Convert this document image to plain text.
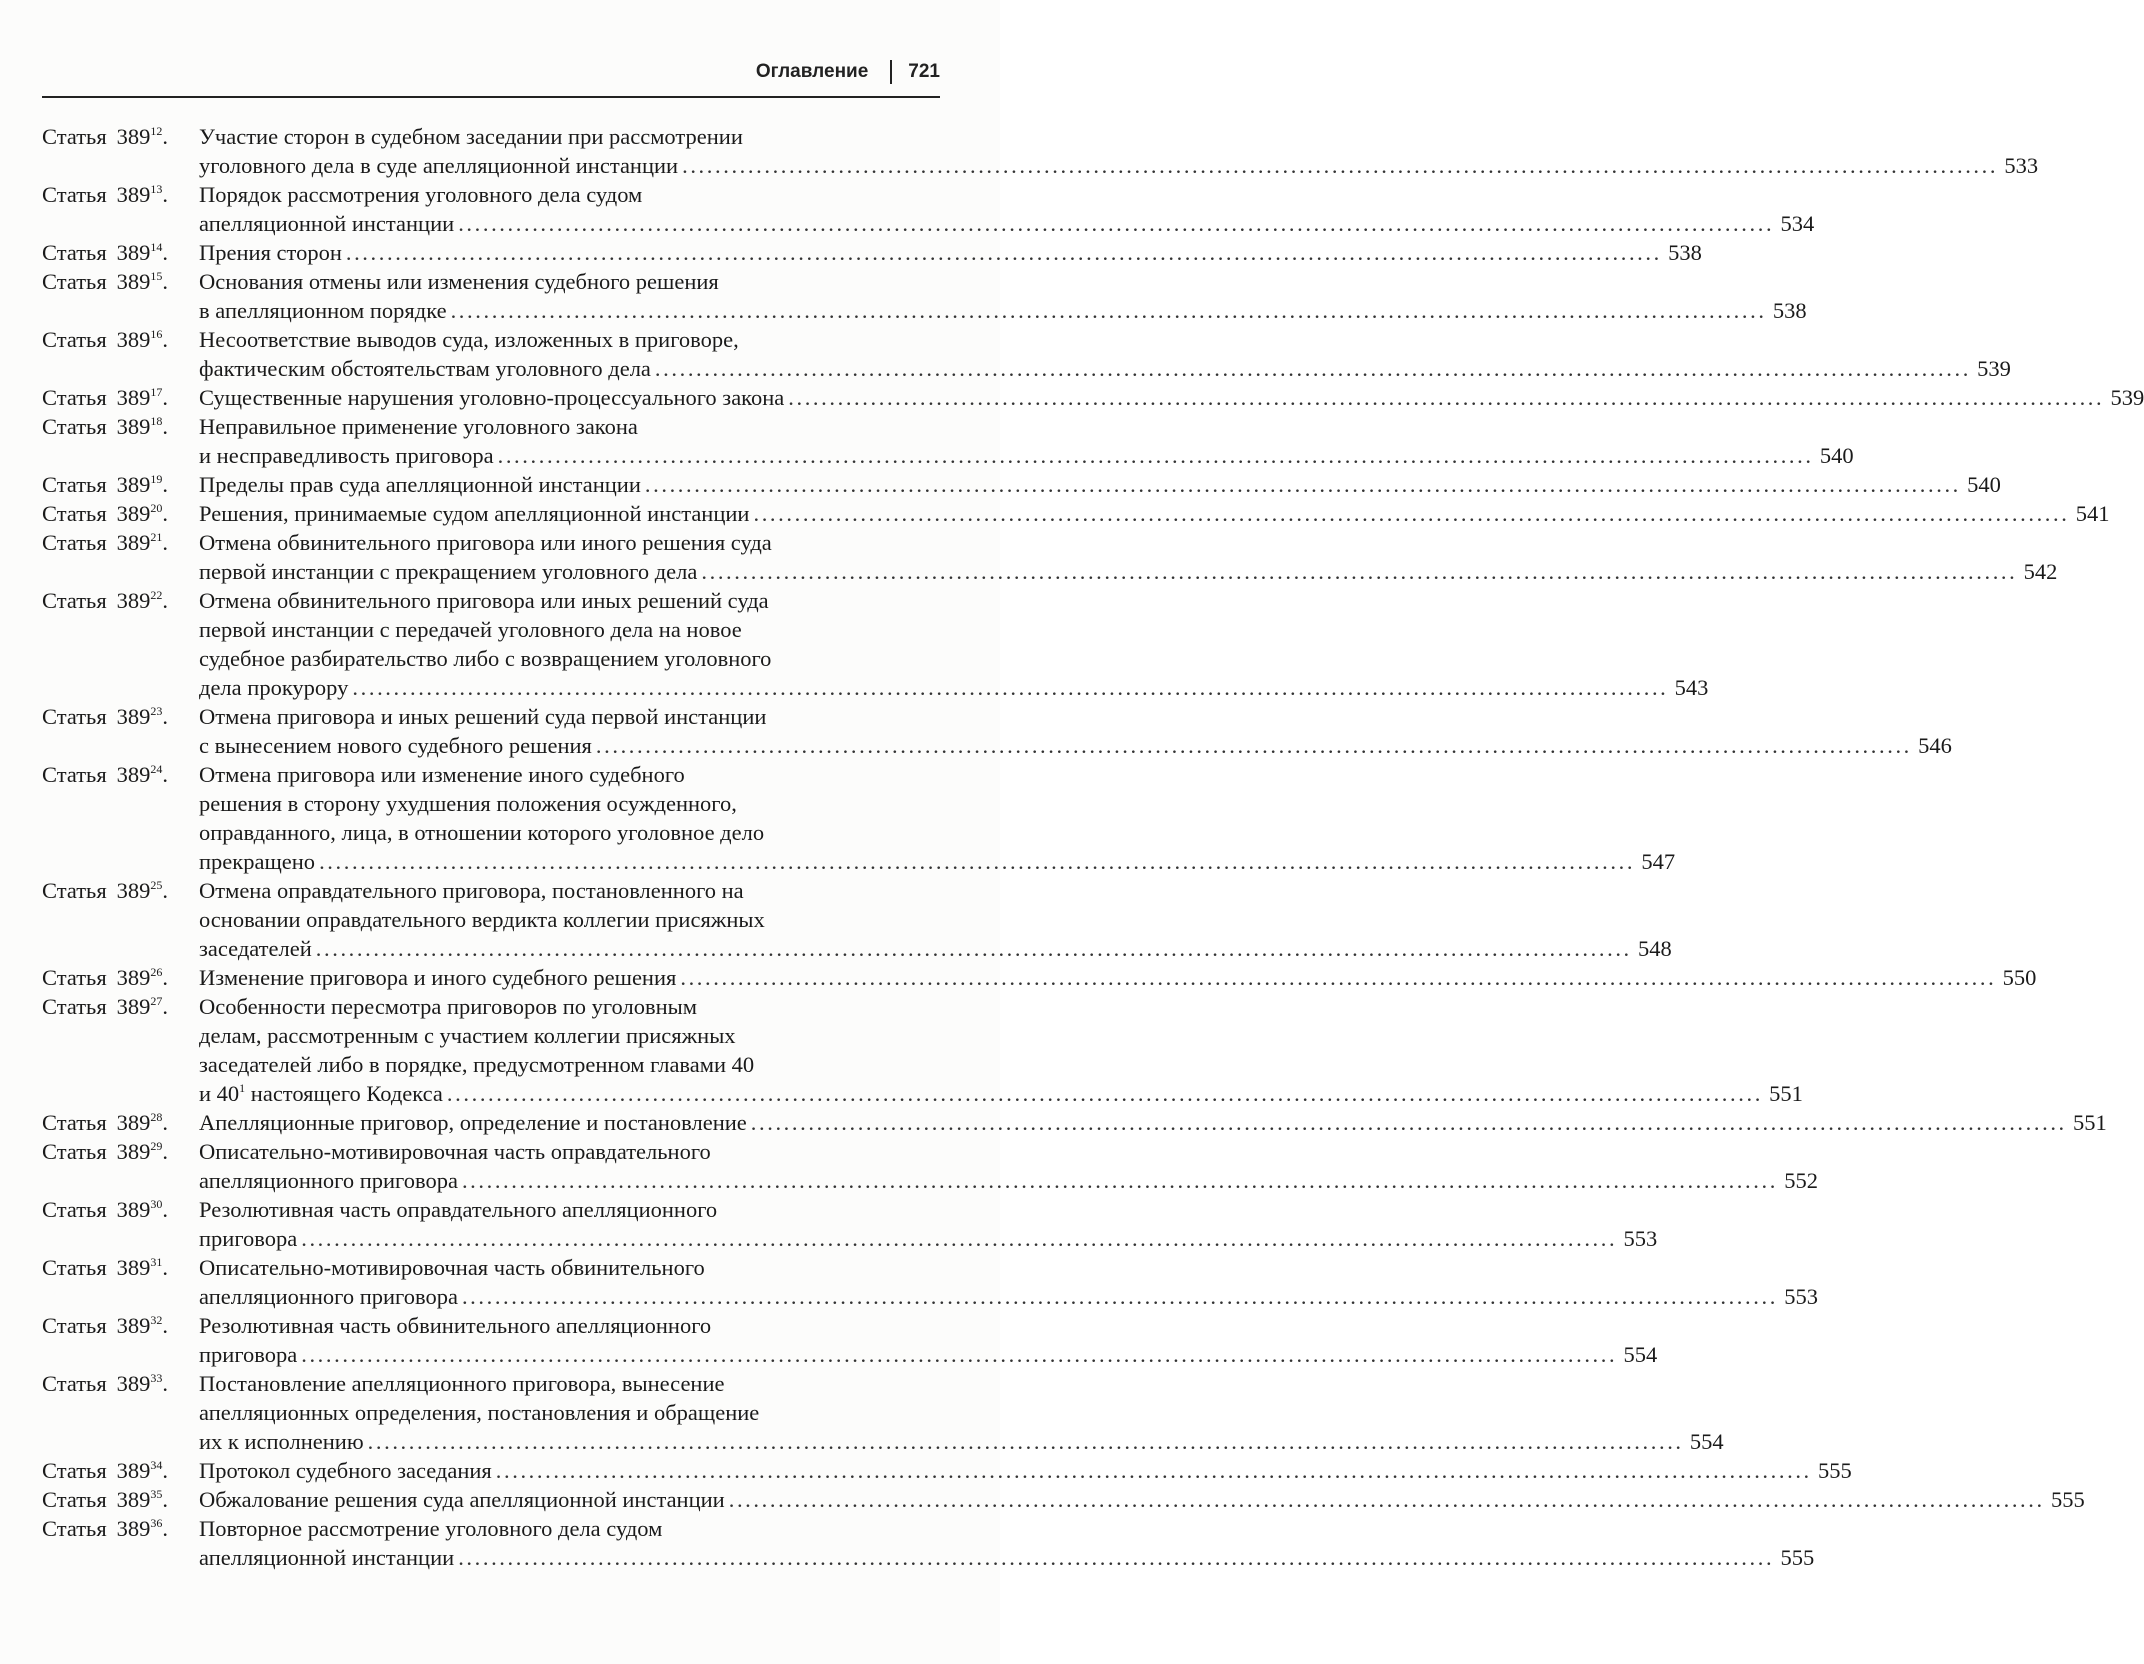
Оглавление 721
Статья $389^{12}$.	Участие сторон в судебном заседании при рассмотрении
уголовного дела в суде апелляционной инстанции ................................................................................................................................................................ 533
Статья $389^{13}$.	Порядок рассмотрения уголовного дела судом
апелляционной инстанции ................................................................................................................................................................ 534
Статья $389^{14}$.	Прения сторон ................................................................................................................................................................ 538
Статья $389^{15}$.	Основания отмены или изменения судебного решения
в апелляционном порядке ................................................................................................................................................................ 538
Статья $389^{16}$.	Несоответствие выводов суда, изложенных в приговоре,
фактическим обстоятельствам уголовного дела ................................................................................................................................................................ 539
Статья $389^{17}$.	Существенные нарушения уголовно-процессуального закона ................................................................................................................................................................ 539
Статья $389^{18}$.	Неправильное применение уголовного закона
и несправедливость приговора ................................................................................................................................................................ 540
Статья $389^{19}$.	Пределы прав суда апелляционной инстанции ................................................................................................................................................................ 540
Статья $389^{20}$.	Решения, принимаемые судом апелляционной инстанции ................................................................................................................................................................ 541
Статья $389^{21}$.	Отмена обвинительного приговора или иного решения суда
первой инстанции с прекращением уголовного дела ................................................................................................................................................................ 542
Статья $389^{22}$.	Отмена обвинительного приговора или иных решений суда
первой инстанции с передачей уголовного дела на новое
судебное разбирательство либо с возвращением уголовного
дела прокурору ................................................................................................................................................................ 543
Статья $389^{23}$.	Отмена приговора и иных решений суда первой инстанции
с вынесением нового судебного решения ................................................................................................................................................................ 546
Статья $389^{24}$.	Отмена приговора или изменение иного судебного
решения в сторону ухудшения положения осужденного,
оправданного, лица, в отношении которого уголовное дело
прекращено ................................................................................................................................................................ 547
Статья $389^{25}$.	Отмена оправдательного приговора, постановленного на
основании оправдательного вердикта коллегии присяжных
заседателей ................................................................................................................................................................ 548
Статья $389^{26}$.	Изменение приговора и иного судебного решения ................................................................................................................................................................ 550
Статья $389^{27}$.	Особенности пересмотра приговоров по уголовным
делам, рассмотренным с участием коллегии присяжных
заседателей либо в порядке, предусмотренном главами 40
и $40^1$ настоящего Кодекса ................................................................................................................................................................ 551
Статья $389^{28}$.	Апелляционные приговор, определение и постановление ................................................................................................................................................................ 551
Статья $389^{29}$.	Описательно-мотивировочная часть оправдательного
апелляционного приговора ................................................................................................................................................................ 552
Статья $389^{30}$.	Резолютивная часть оправдательного апелляционного
приговора ................................................................................................................................................................ 553
Статья $389^{31}$.	Описательно-мотивировочная часть обвинительного
апелляционного приговора ................................................................................................................................................................ 553
Статья $389^{32}$.	Резолютивная часть обвинительного апелляционного
приговора ................................................................................................................................................................ 554
Статья $389^{33}$.	Постановление апелляционного приговора, вынесение
апелляционных определения, постановления и обращение
их к исполнению ................................................................................................................................................................ 554
Статья $389^{34}$.	Протокол судебного заседания ................................................................................................................................................................ 555
Статья $389^{35}$.	Обжалование решения суда апелляционной инстанции ................................................................................................................................................................ 555
Статья $389^{36}$.	Повторное рассмотрение уголовного дела судом
апелляционной инстанции ................................................................................................................................................................ 555
